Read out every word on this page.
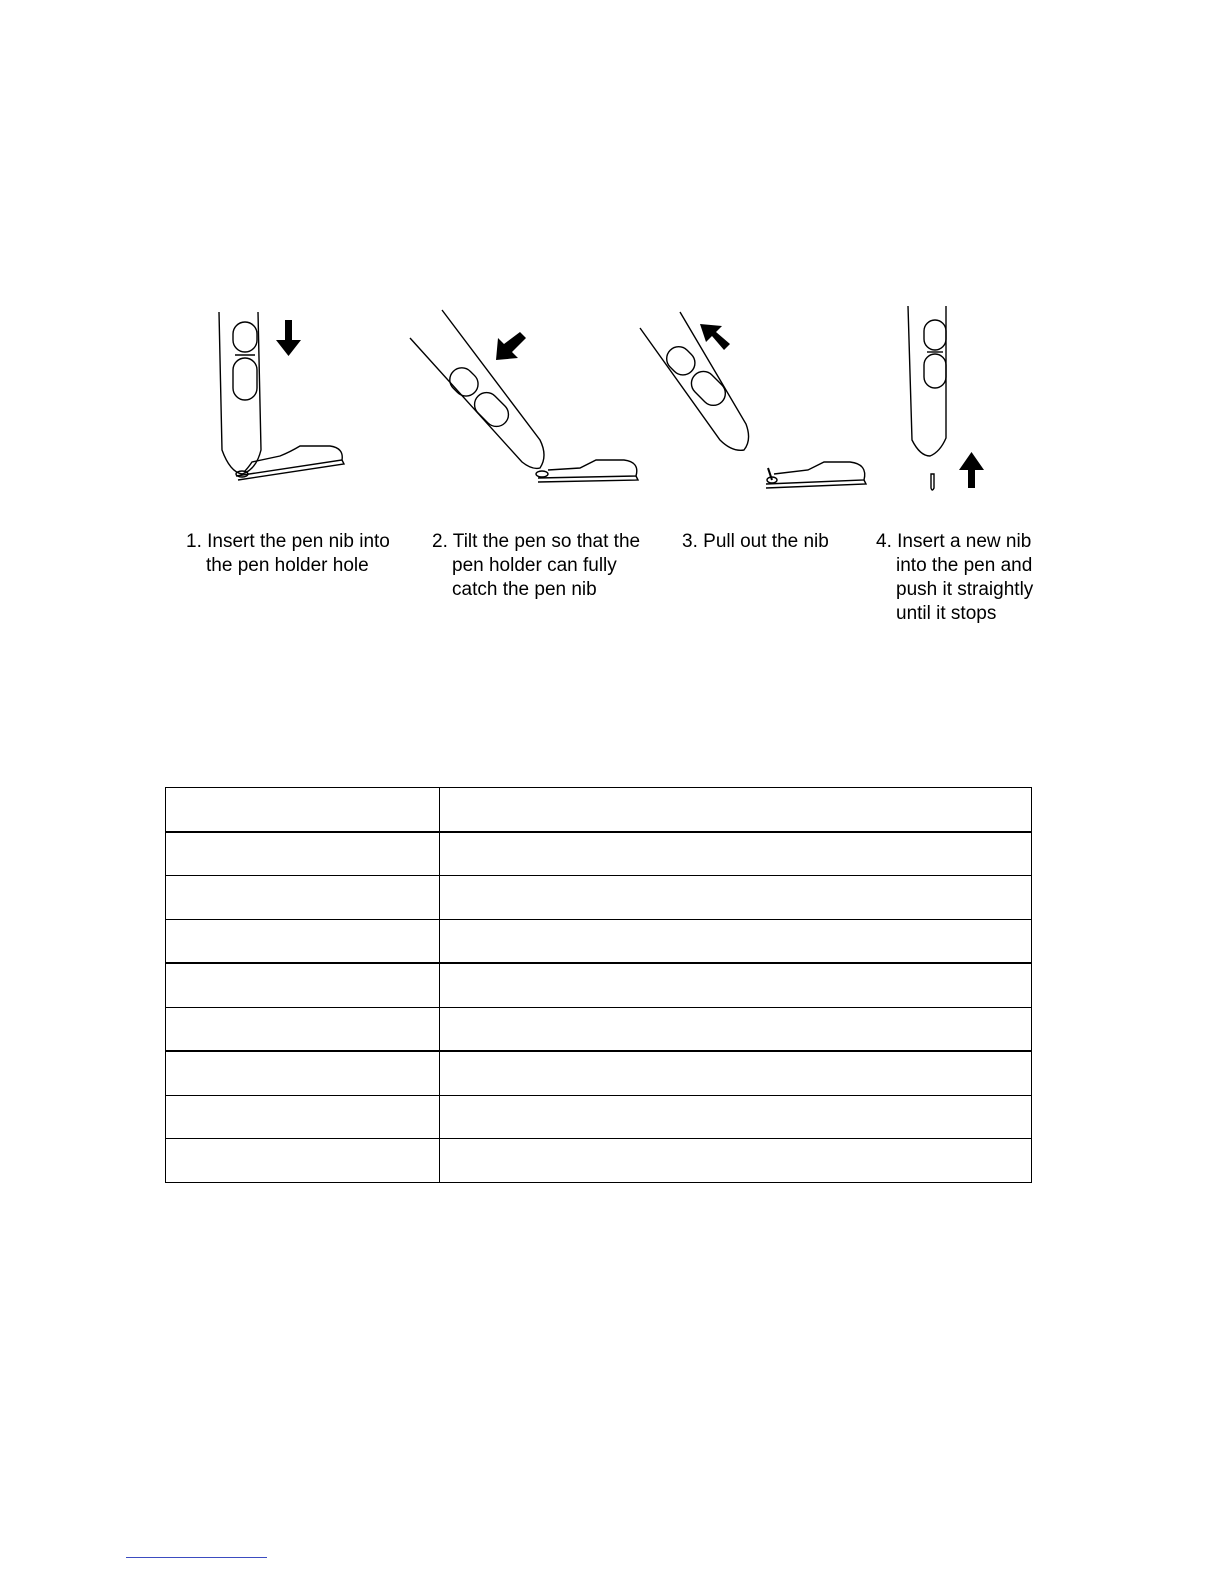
1. Insert the pen nib into
the pen holder hole
2. Tilt the pen so that the
pen holder can fully
catch the pen nib
3. Pull out the nib	4. Insert a new nib
into the pen and
push it straightly
until it stops
